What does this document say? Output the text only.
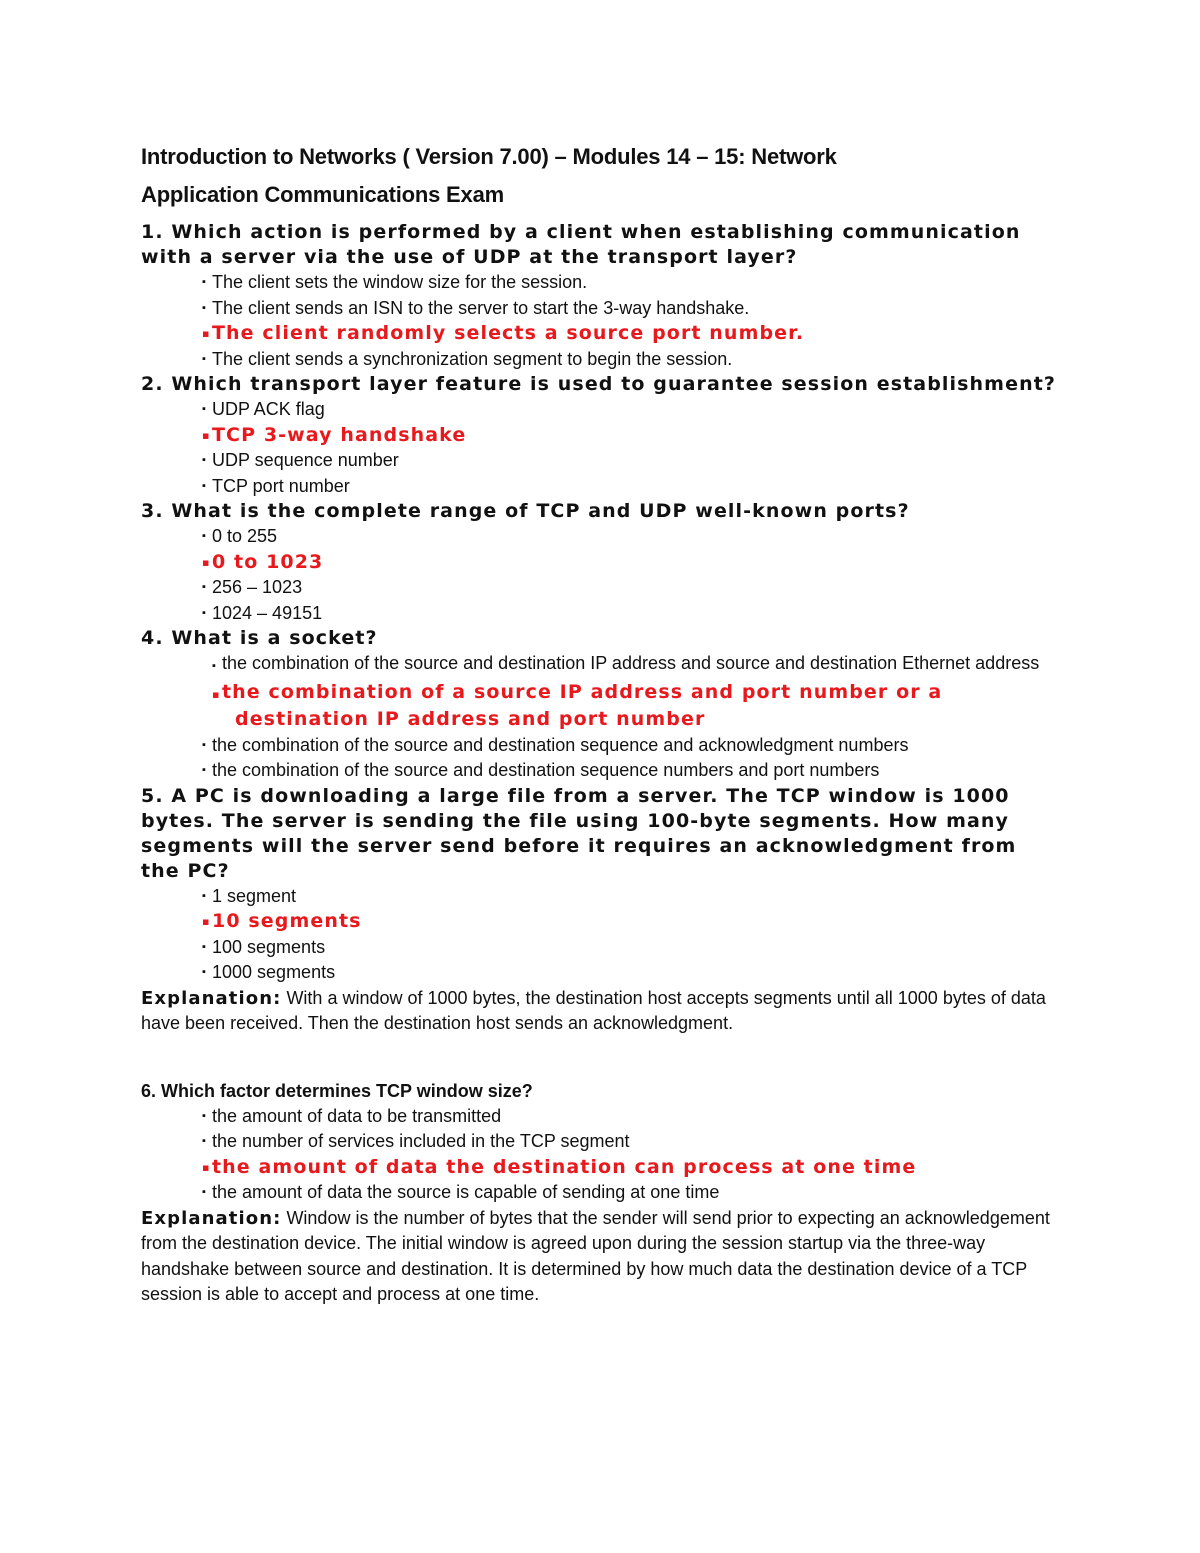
Introduction to Networks ( Version 7.00) – Modules 14 – 15: Network
Application Communications Exam

1. Which action is performed by a client when establishing communication with a server via the use of UDP at the transport layer?

▪ The client sets the window size for the session.
▪ The client sends an ISN to the server to start the 3-way handshake.
▪ The client randomly selects a source port number.
▪ The client sends a synchronization segment to begin the session.

2. Which transport layer feature is used to guarantee session establishment?

▪ UDP ACK flag
▪ TCP 3-way handshake
▪ UDP sequence number
▪ TCP port number

3. What is the complete range of TCP and UDP well-known ports?

▪ 0 to 255
▪ 0 to 1023
▪ 256 – 1023
▪ 1024 – 49151

4. What is a socket?

▪ the combination of the source and destination IP address and source and destination Ethernet address
▪the combination of a source IP address and port number or a destination IP address and port number
▪ the combination of the source and destination sequence and acknowledgment numbers
▪ the combination of the source and destination sequence numbers and port numbers

5. A PC is downloading a large file from a server. The TCP window is 1000 bytes. The server is sending the file using 100-byte segments. How many segments will the server send before it requires an acknowledgment from the PC?

▪ 1 segment
▪ 10 segments
▪ 100 segments
▪ 1000 segments

Explanation: With a window of 1000 bytes, the destination host accepts segments until all 1000 bytes of data have been received. Then the destination host sends an acknowledgment.

6. Which factor determines TCP window size?

▪ the amount of data to be transmitted
▪ the number of services included in the TCP segment
▪ the amount of data the destination can process at one time
▪ the amount of data the source is capable of sending at one time

Explanation: Window is the number of bytes that the sender will send prior to expecting an acknowledgement from the destination device. The initial window is agreed upon during the session startup via the three-way handshake between source and destination. It is determined by how much data the destination device of a TCP session is able to accept and process at one time.
